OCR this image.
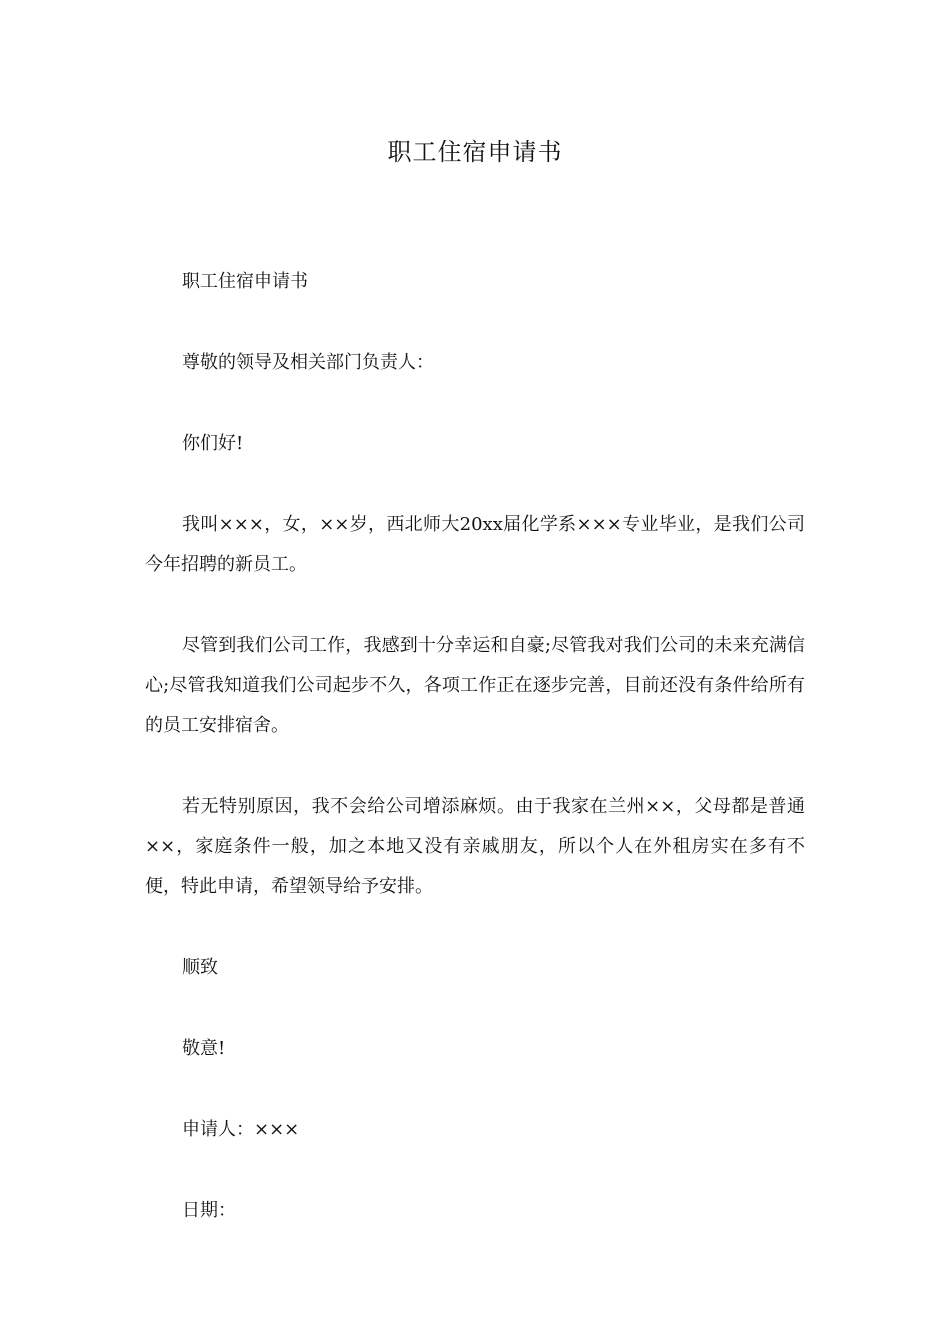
职工住宿申请书

职工住宿申请书

尊敬的领导及相关部门负责人：

你们好!

我叫×××，女，××岁，西北师大20xx届化学系×××专业毕业，是我们公司今年招聘的新员工。

尽管到我们公司工作，我感到十分幸运和自豪;尽管我对我们公司的未来充满信心;尽管我知道我们公司起步不久，各项工作正在逐步完善，目前还没有条件给所有的员工安排宿舍。

若无特别原因，我不会给公司增添麻烦。由于我家在兰州××，父母都是普通××，家庭条件一般，加之本地又没有亲戚朋友，所以个人在外租房实在多有不便，特此申请，希望领导给予安排。

顺致

敬意!

申请人：×××

日期：
